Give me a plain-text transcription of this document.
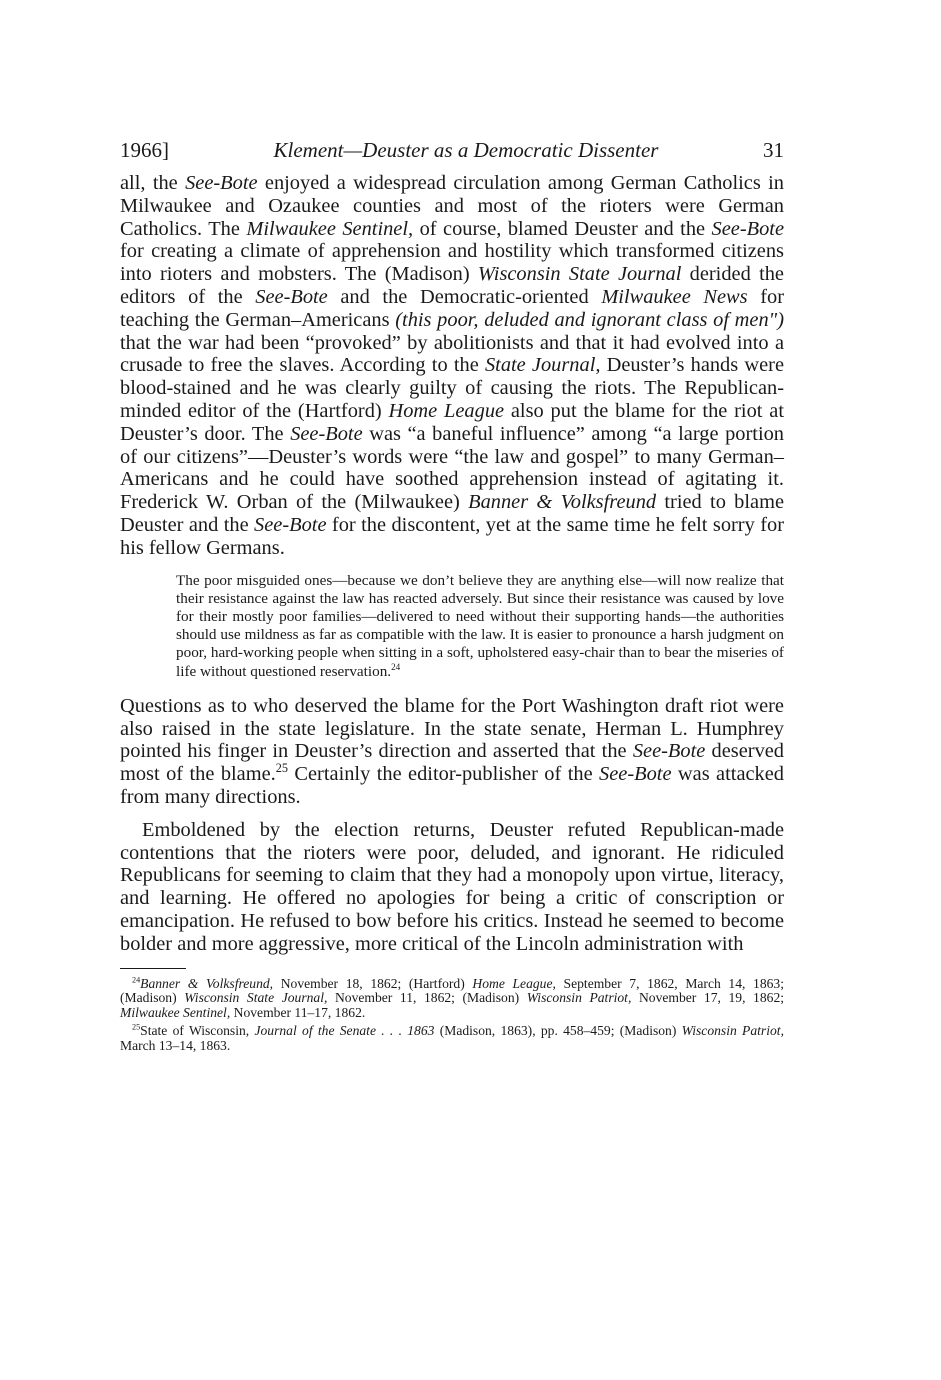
1966]	Klement—Deuster as a Democratic Dissenter	31

all, the See-Bote enjoyed a widespread circulation among German Catholics in Milwaukee and Ozaukee counties and most of the rioters were German Catholics. The Milwaukee Sentinel, of course, blamed Deuster and the See-Bote for creating a climate of apprehension and hostility which transformed citizens into rioters and mobsters. The (Madison) Wisconsin State Journal derided the editors of the See-Bote and the Democratic-oriented Milwaukee News for teaching the German–Americans (this poor, deluded and ignorant class of men") that the war had been “provoked” by abolitionists and that it had evolved into a crusade to free the slaves. According to the State Journal, Deuster’s hands were blood-stained and he was clearly guilty of causing the riots. The Republican-minded editor of the (Hartford) Home League also put the blame for the riot at Deuster’s door. The See-Bote was “a baneful influence” among “a large portion of our citizens”—Deuster’s words were “the law and gospel” to many German–Americans and he could have soothed apprehension instead of agitating it. Frederick W. Orban of the (Milwaukee) Banner & Volksfreund tried to blame Deuster and the See-Bote for the discontent, yet at the same time he felt sorry for his fellow Germans.

The poor misguided ones—because we don’t believe they are anything else—will now realize that their resistance against the law has reacted adversely. But since their resistance was caused by love for their mostly poor families—delivered to need without their supporting hands—the authorities should use mildness as far as compatible with the law. It is easier to pronounce a harsh judgment on poor, hard-working people when sitting in a soft, upholstered easy-chair than to bear the miseries of life without questioned reservation.$^{24}$

Questions as to who deserved the blame for the Port Washington draft riot were also raised in the state legislature. In the state senate, Herman L. Humphrey pointed his finger in Deuster’s direction and asserted that the See-Bote deserved most of the blame.$^{25}$ Certainly the editor-publisher of the See-Bote was attacked from many directions.

Emboldened by the election returns, Deuster refuted Republican-made contentions that the rioters were poor, deluded, and ignorant. He ridiculed Republicans for seeming to claim that they had a monopoly upon virtue, literacy, and learning. He offered no apologies for being a critic of conscription or emancipation. He refused to bow before his critics. Instead he seemed to become bolder and more aggressive, more critical of the Lincoln administration with

$^{24}$Banner & Volksfreund, November 18, 1862; (Hartford) Home League, September 7, 1862, March 14, 1863; (Madison) Wisconsin State Journal, November 11, 1862; (Madison) Wisconsin Patriot, November 17, 19, 1862; Milwaukee Sentinel, November 11–17, 1862.

$^{25}$State of Wisconsin, Journal of the Senate . . . 1863 (Madison, 1863), pp. 458–459; (Madison) Wisconsin Patriot, March 13–14, 1863.
